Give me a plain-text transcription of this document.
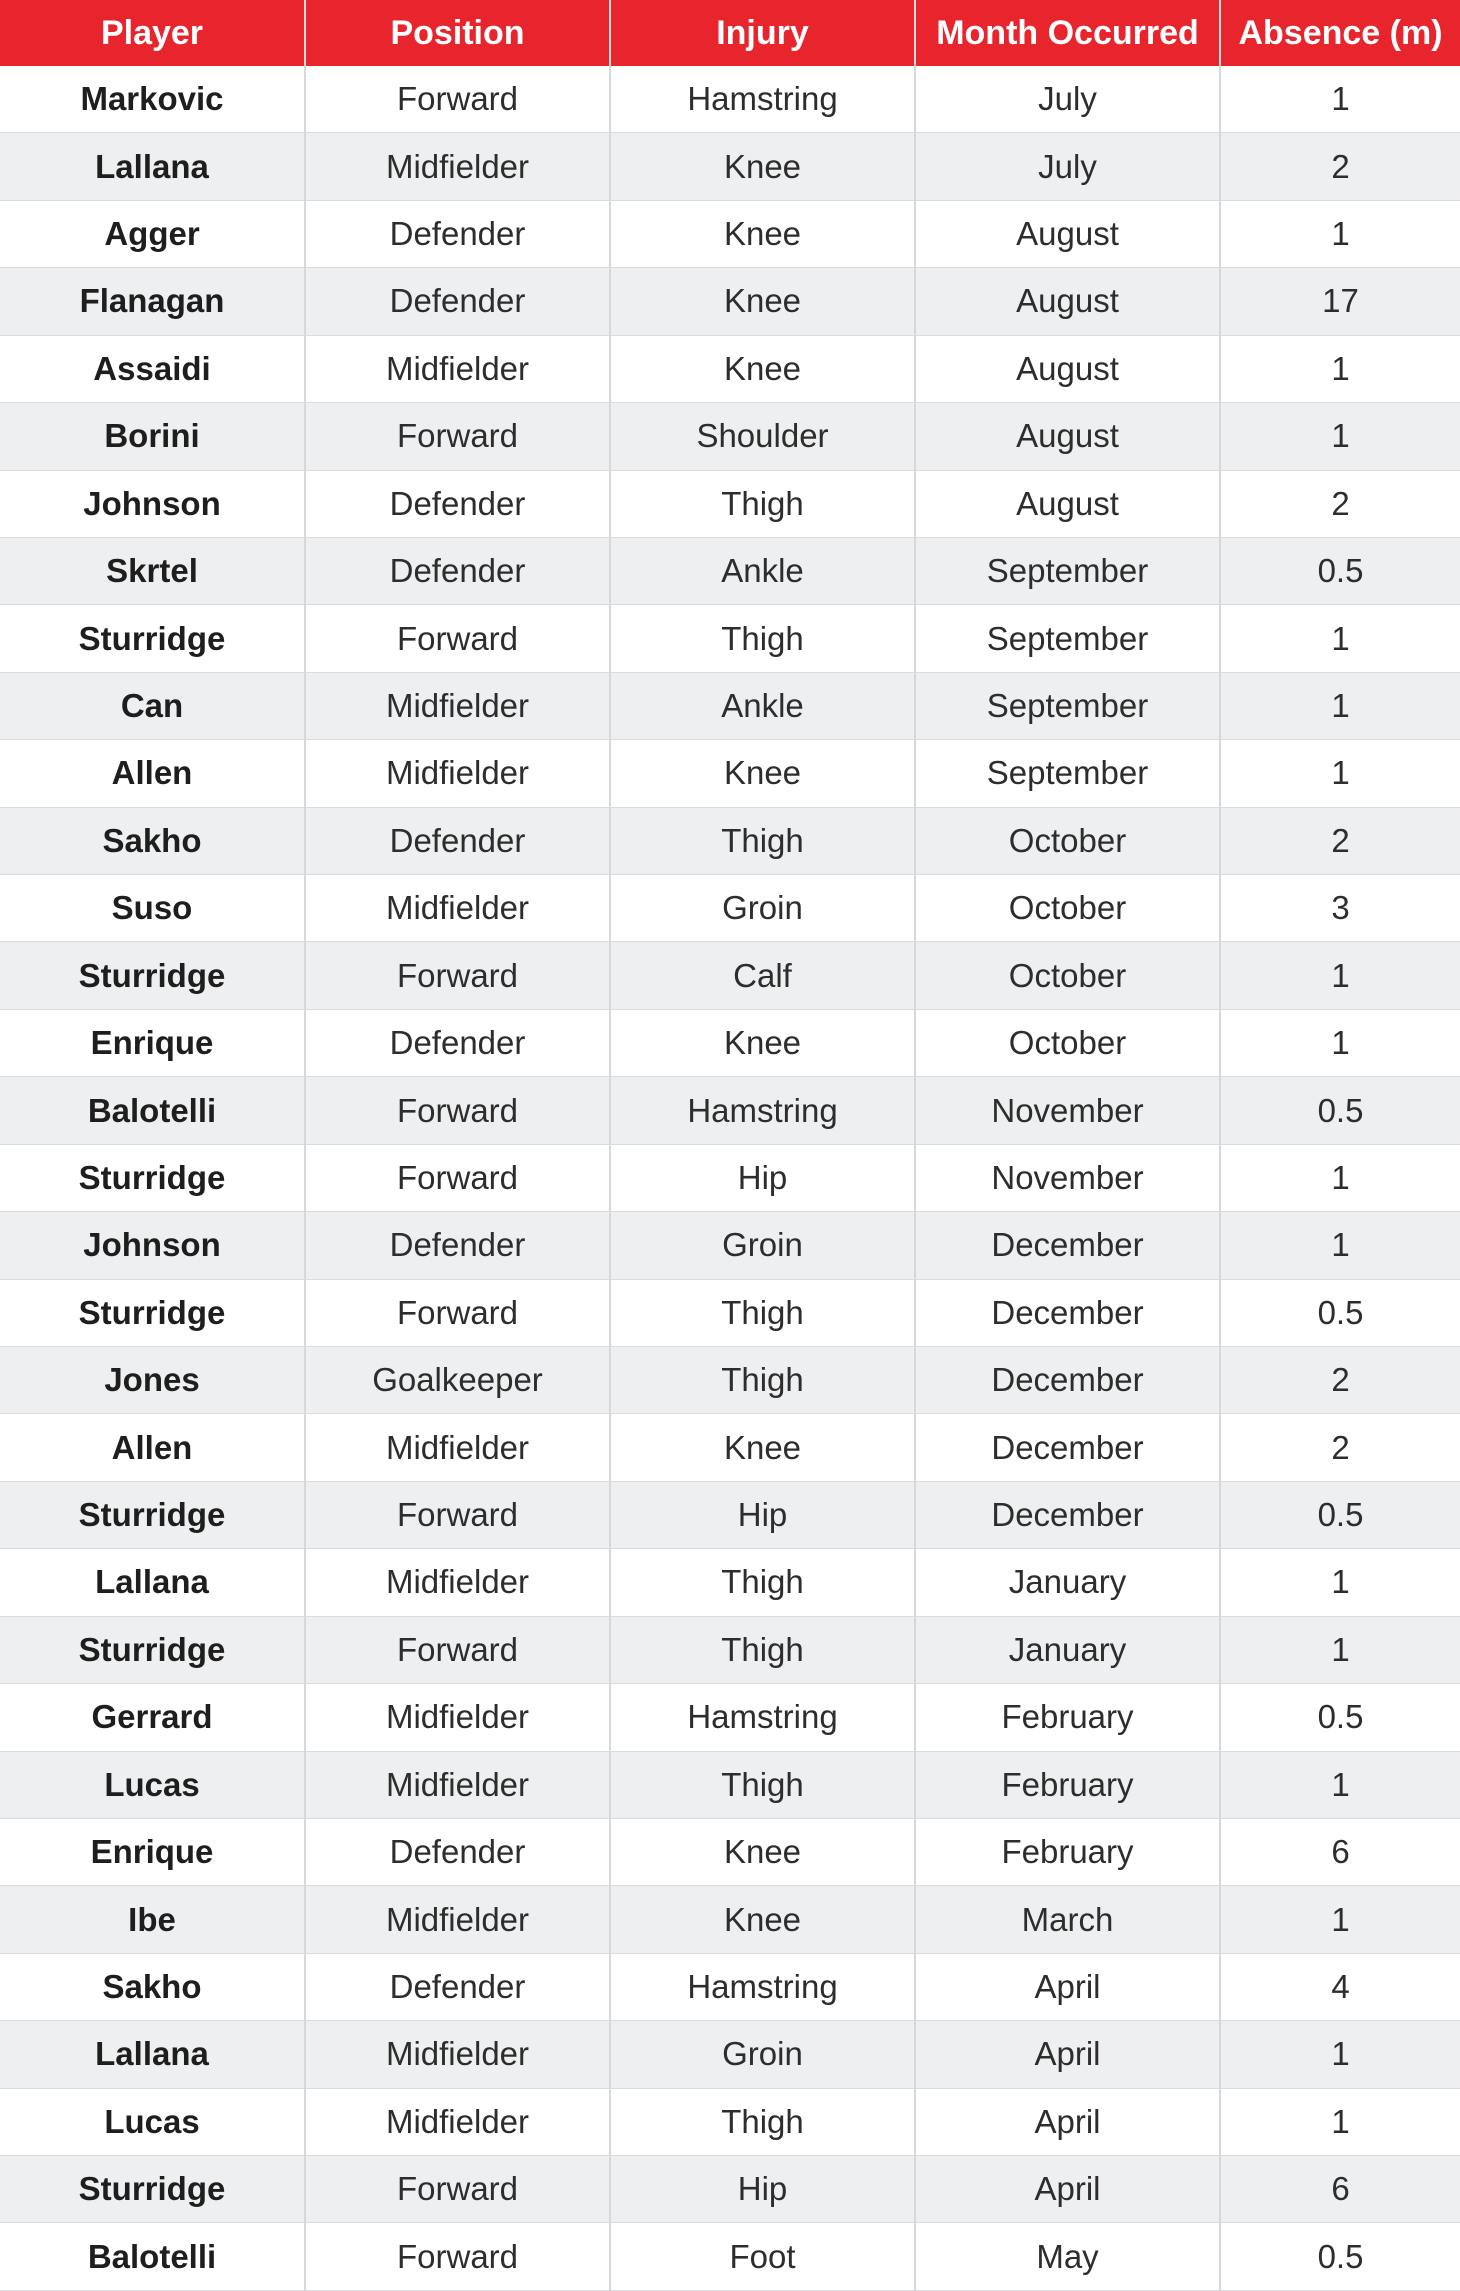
Player	Position	Injury	Month Occurred	Absence (m)
Markovic	Forward	Hamstring	July	1
Lallana	Midfielder	Knee	July	2
Agger	Defender	Knee	August	1
Flanagan	Defender	Knee	August	17
Assaidi	Midfielder	Knee	August	1
Borini	Forward	Shoulder	August	1
Johnson	Defender	Thigh	August	2
Skrtel	Defender	Ankle	September	0.5
Sturridge	Forward	Thigh	September	1
Can	Midfielder	Ankle	September	1
Allen	Midfielder	Knee	September	1
Sakho	Defender	Thigh	October	2
Suso	Midfielder	Groin	October	3
Sturridge	Forward	Calf	October	1
Enrique	Defender	Knee	October	1
Balotelli	Forward	Hamstring	November	0.5
Sturridge	Forward	Hip	November	1
Johnson	Defender	Groin	December	1
Sturridge	Forward	Thigh	December	0.5
Jones	Goalkeeper	Thigh	December	2
Allen	Midfielder	Knee	December	2
Sturridge	Forward	Hip	December	0.5
Lallana	Midfielder	Thigh	January	1
Sturridge	Forward	Thigh	January	1
Gerrard	Midfielder	Hamstring	February	0.5
Lucas	Midfielder	Thigh	February	1
Enrique	Defender	Knee	February	6
Ibe	Midfielder	Knee	March	1
Sakho	Defender	Hamstring	April	4
Lallana	Midfielder	Groin	April	1
Lucas	Midfielder	Thigh	April	1
Sturridge	Forward	Hip	April	6
Balotelli	Forward	Foot	May	0.5
